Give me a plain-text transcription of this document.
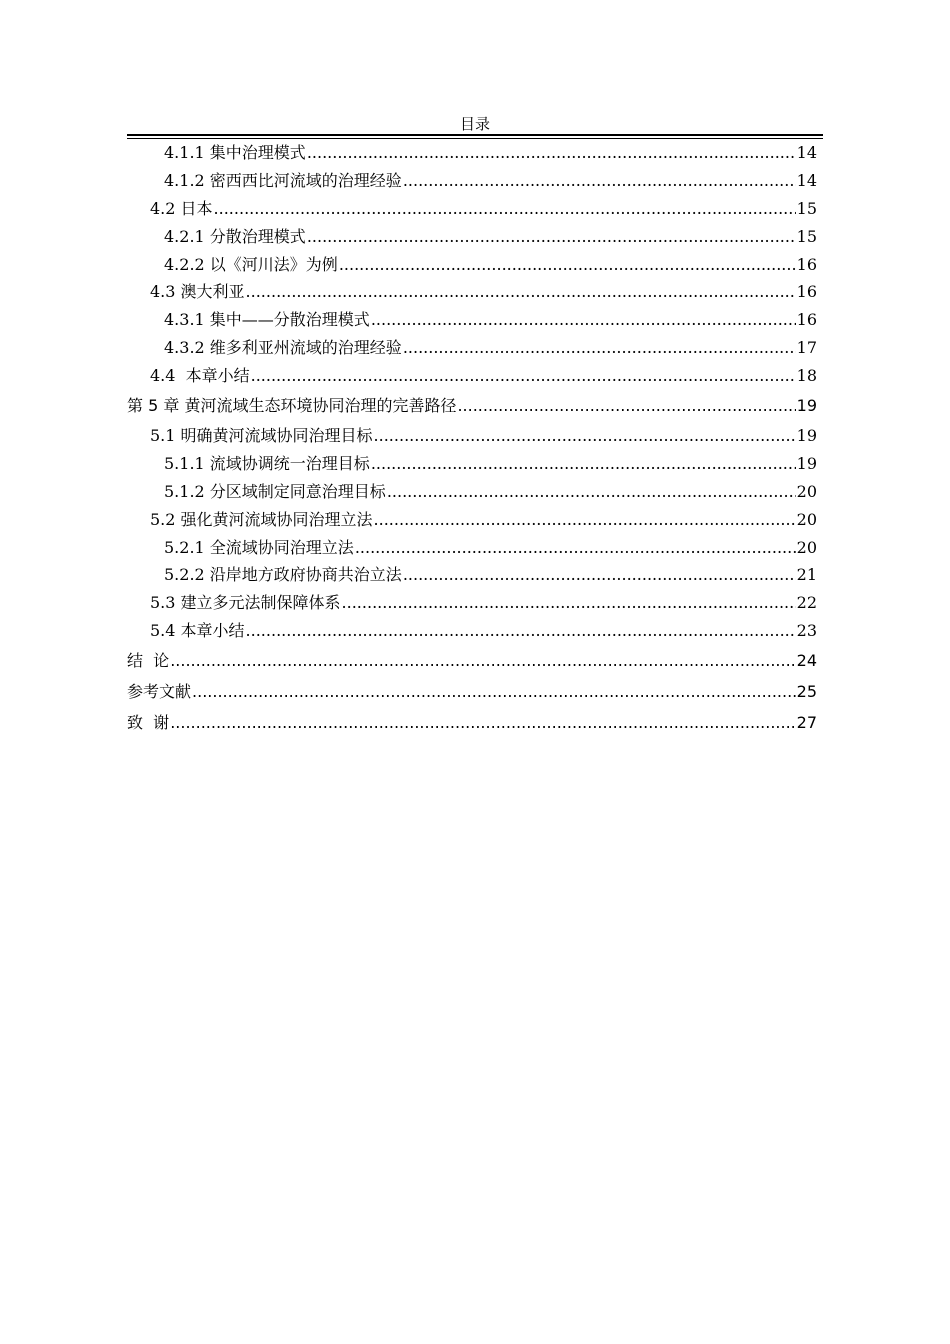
目录
4.1.1 集中治理模式 .....	14
4.1.2 密西西比河流域的治理经验 .....	14
4.2 日本 .....	15
4.2.1 分散治理模式 .....	15
4.2.2 以《河川法》为例 .....	16
4.3 澳大利亚 .....	16
4.3.1 集中——分散治理模式 .....	16
4.3.2 维多利亚州流域的治理经验 .....	17
4.4  本章小结 .....	18
第 5 章 黄河流域生态环境协同治理的完善路径 .....	19
5.1 明确黄河流域协同治理目标 .....	19
5.1.1 流域协调统一治理目标 .....	19
5.1.2 分区域制定同意治理目标 .....	20
5.2 强化黄河流域协同治理立法 .....	20
5.2.1 全流域协同治理立法 .....	20
5.2.2 沿岸地方政府协商共治立法 .....	21
5.3 建立多元法制保障体系 .....	22
5.4 本章小结 .....	23
结  论 .....	24
参考文献 .....	25
致  谢 .....	27
